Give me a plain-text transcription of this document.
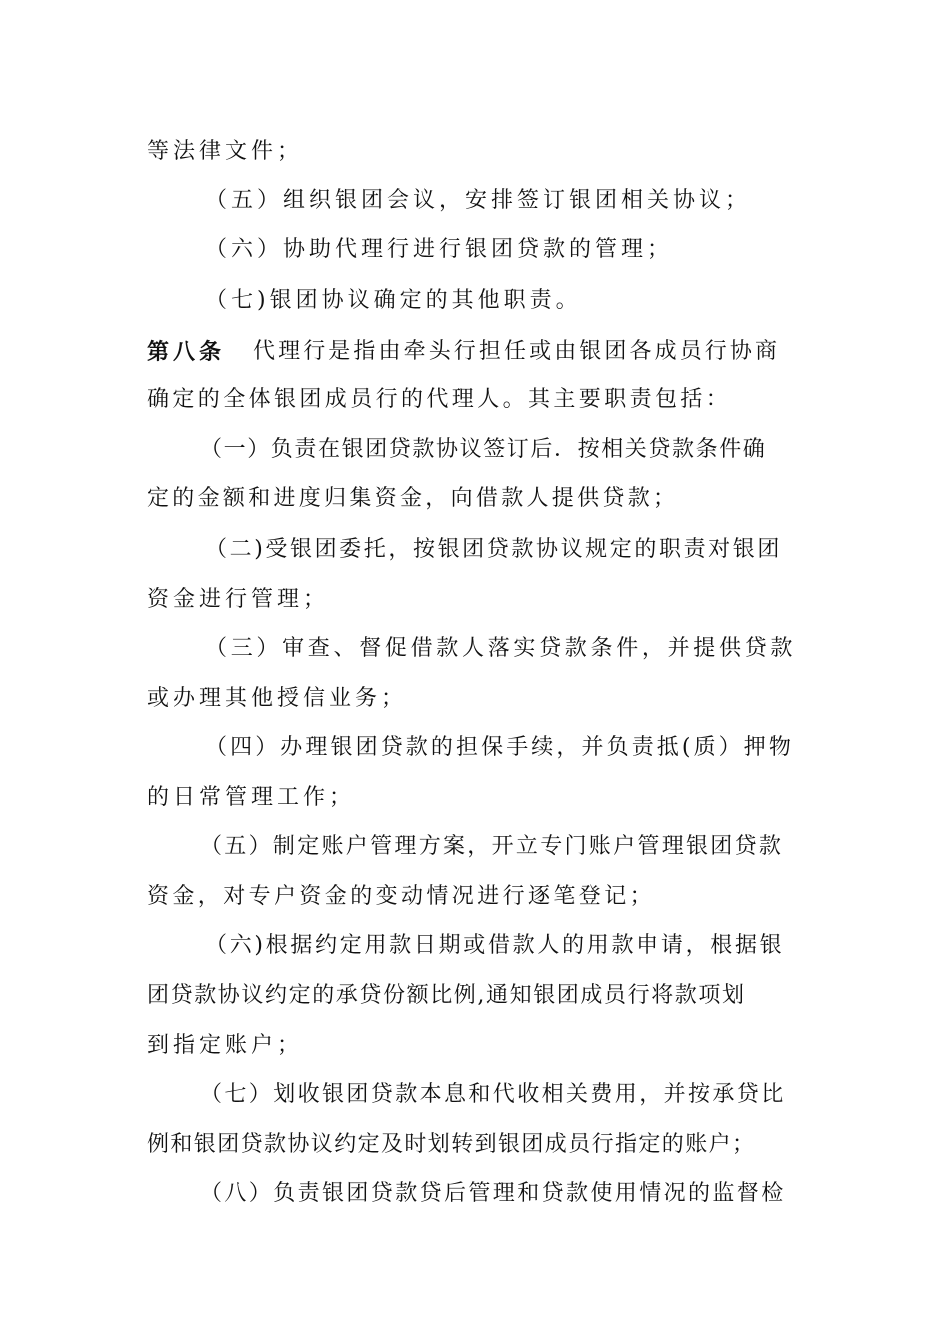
等法律文件；
（五）组织银团会议，安排签订银团相关协议；
（六）协助代理行进行银团贷款的管理；
（七)银团协议确定的其他职责。
第八条 代理行是指由牵头行担任或由银团各成员行协商
确定的全体银团成员行的代理人。其主要职责包括：
（一）负责在银团贷款协议签订后．按相关贷款条件确
定的金额和进度归集资金，向借款人提供贷款；
（二)受银团委托，按银团贷款协议规定的职责对银团
资金进行管理；
（三）审查、督促借款人落实贷款条件，并提供贷款
或办理其他授信业务；
（四）办理银团贷款的担保手续，并负责抵(质）押物
的日常管理工作；
（五）制定账户管理方案，开立专门账户管理银团贷款
资金，对专户资金的变动情况进行逐笔登记；
（六)根据约定用款日期或借款人的用款申请，根据银
团贷款协议约定的承贷份额比例,通知银团成员行将款项划
到指定账户；
（七）划收银团贷款本息和代收相关费用，并按承贷比
例和银团贷款协议约定及时划转到银团成员行指定的账户；
（八）负责银团贷款贷后管理和贷款使用情况的监督检
